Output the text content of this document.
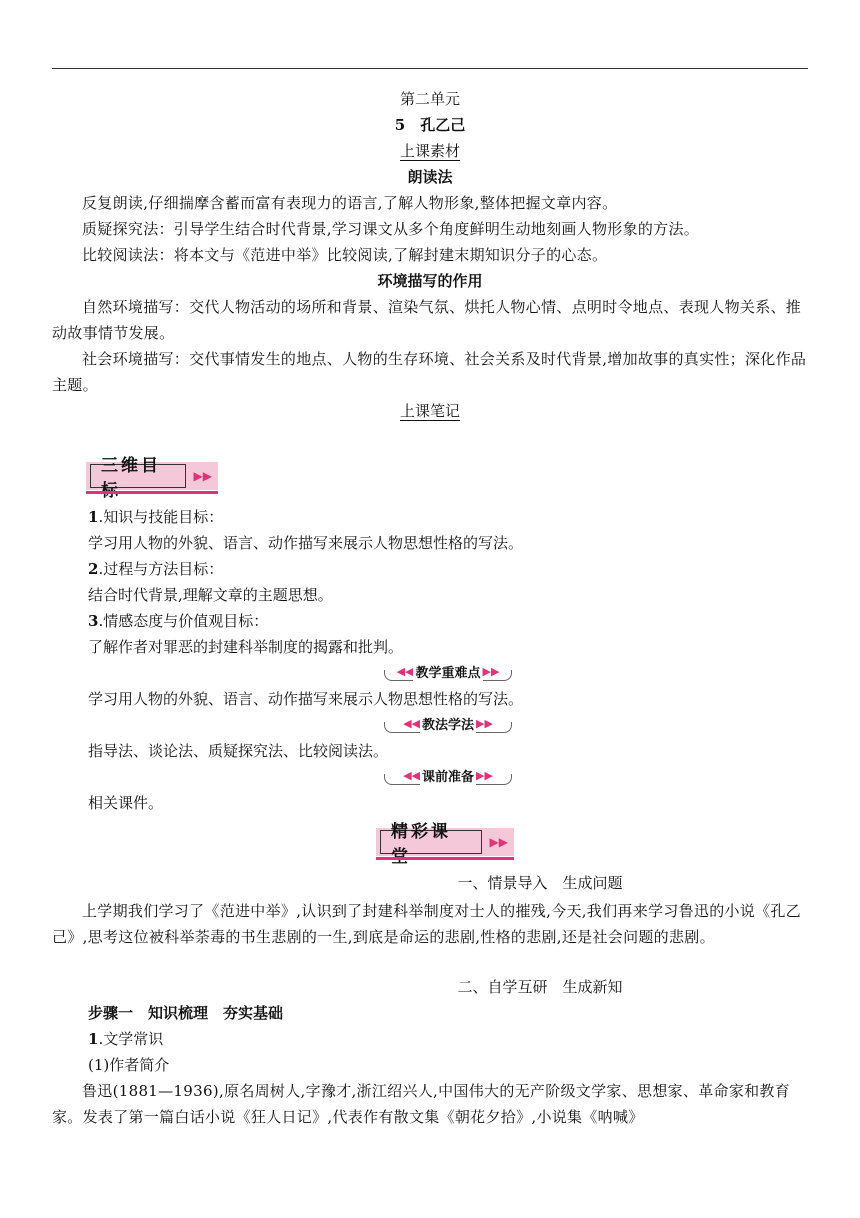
第二单元
5　孔乙己
上课素材
朗读法
反复朗读,仔细揣摩含蓄而富有表现力的语言,了解人物形象,整体把握文章内容。
质疑探究法：引导学生结合时代背景,学习课文从多个角度鲜明生动地刻画人物形象的方法。
比较阅读法：将本文与《范进中举》比较阅读,了解封建末期知识分子的心态。
环境描写的作用
自然环境描写：交代人物活动的场所和背景、渲染气氛、烘托人物心情、点明时令地点、表现人物关系、推动故事情节发展。
社会环境描写：交代事情发生的地点、人物的生存环境、社会关系及时代背景,增加故事的真实性；深化作品主题。
上课笔记
三维目	▶▶
1.知识与技能目标：
学习用人物的外貌、语言、动作描写来展示人物思想性格的写法。
2.过程与方法目标：
结合时代背景,理解文章的主题思想。
3.情感态度与价值观目标：
了解作者对罪恶的封建科举制度的揭露和批判。
◀◀ 教学重难点 ▶▶
学习用人物的外貌、语言、动作描写来展示人物思想性格的写法。
◀◀ 教法学法 ▶▶
指导法、谈论法、质疑探究法、比较阅读法。
◀◀ 课前准备 ▶▶
相关课件。
精彩课	▶▶
一、情景导入　生成问题
上学期我们学习了《范进中举》,认识到了封建科举制度对士人的摧残,今天,我们再来学习鲁迅的小说《孔乙己》,思考这位被科举荼毒的书生悲剧的一生,到底是命运的悲剧,性格的悲剧,还是社会问题的悲剧。
二、自学互研　生成新知
步骤一　知识梳理　夯实基础
1.文学常识
(1)作者简介
鲁迅(1881—1936),原名周树人,字豫才,浙江绍兴人,中国伟大的无产阶级文学家、思想家、革命家和教育家。发表了第一篇白话小说《狂人日记》,代表作有散文集《朝花夕拾》,小说集《呐喊》
